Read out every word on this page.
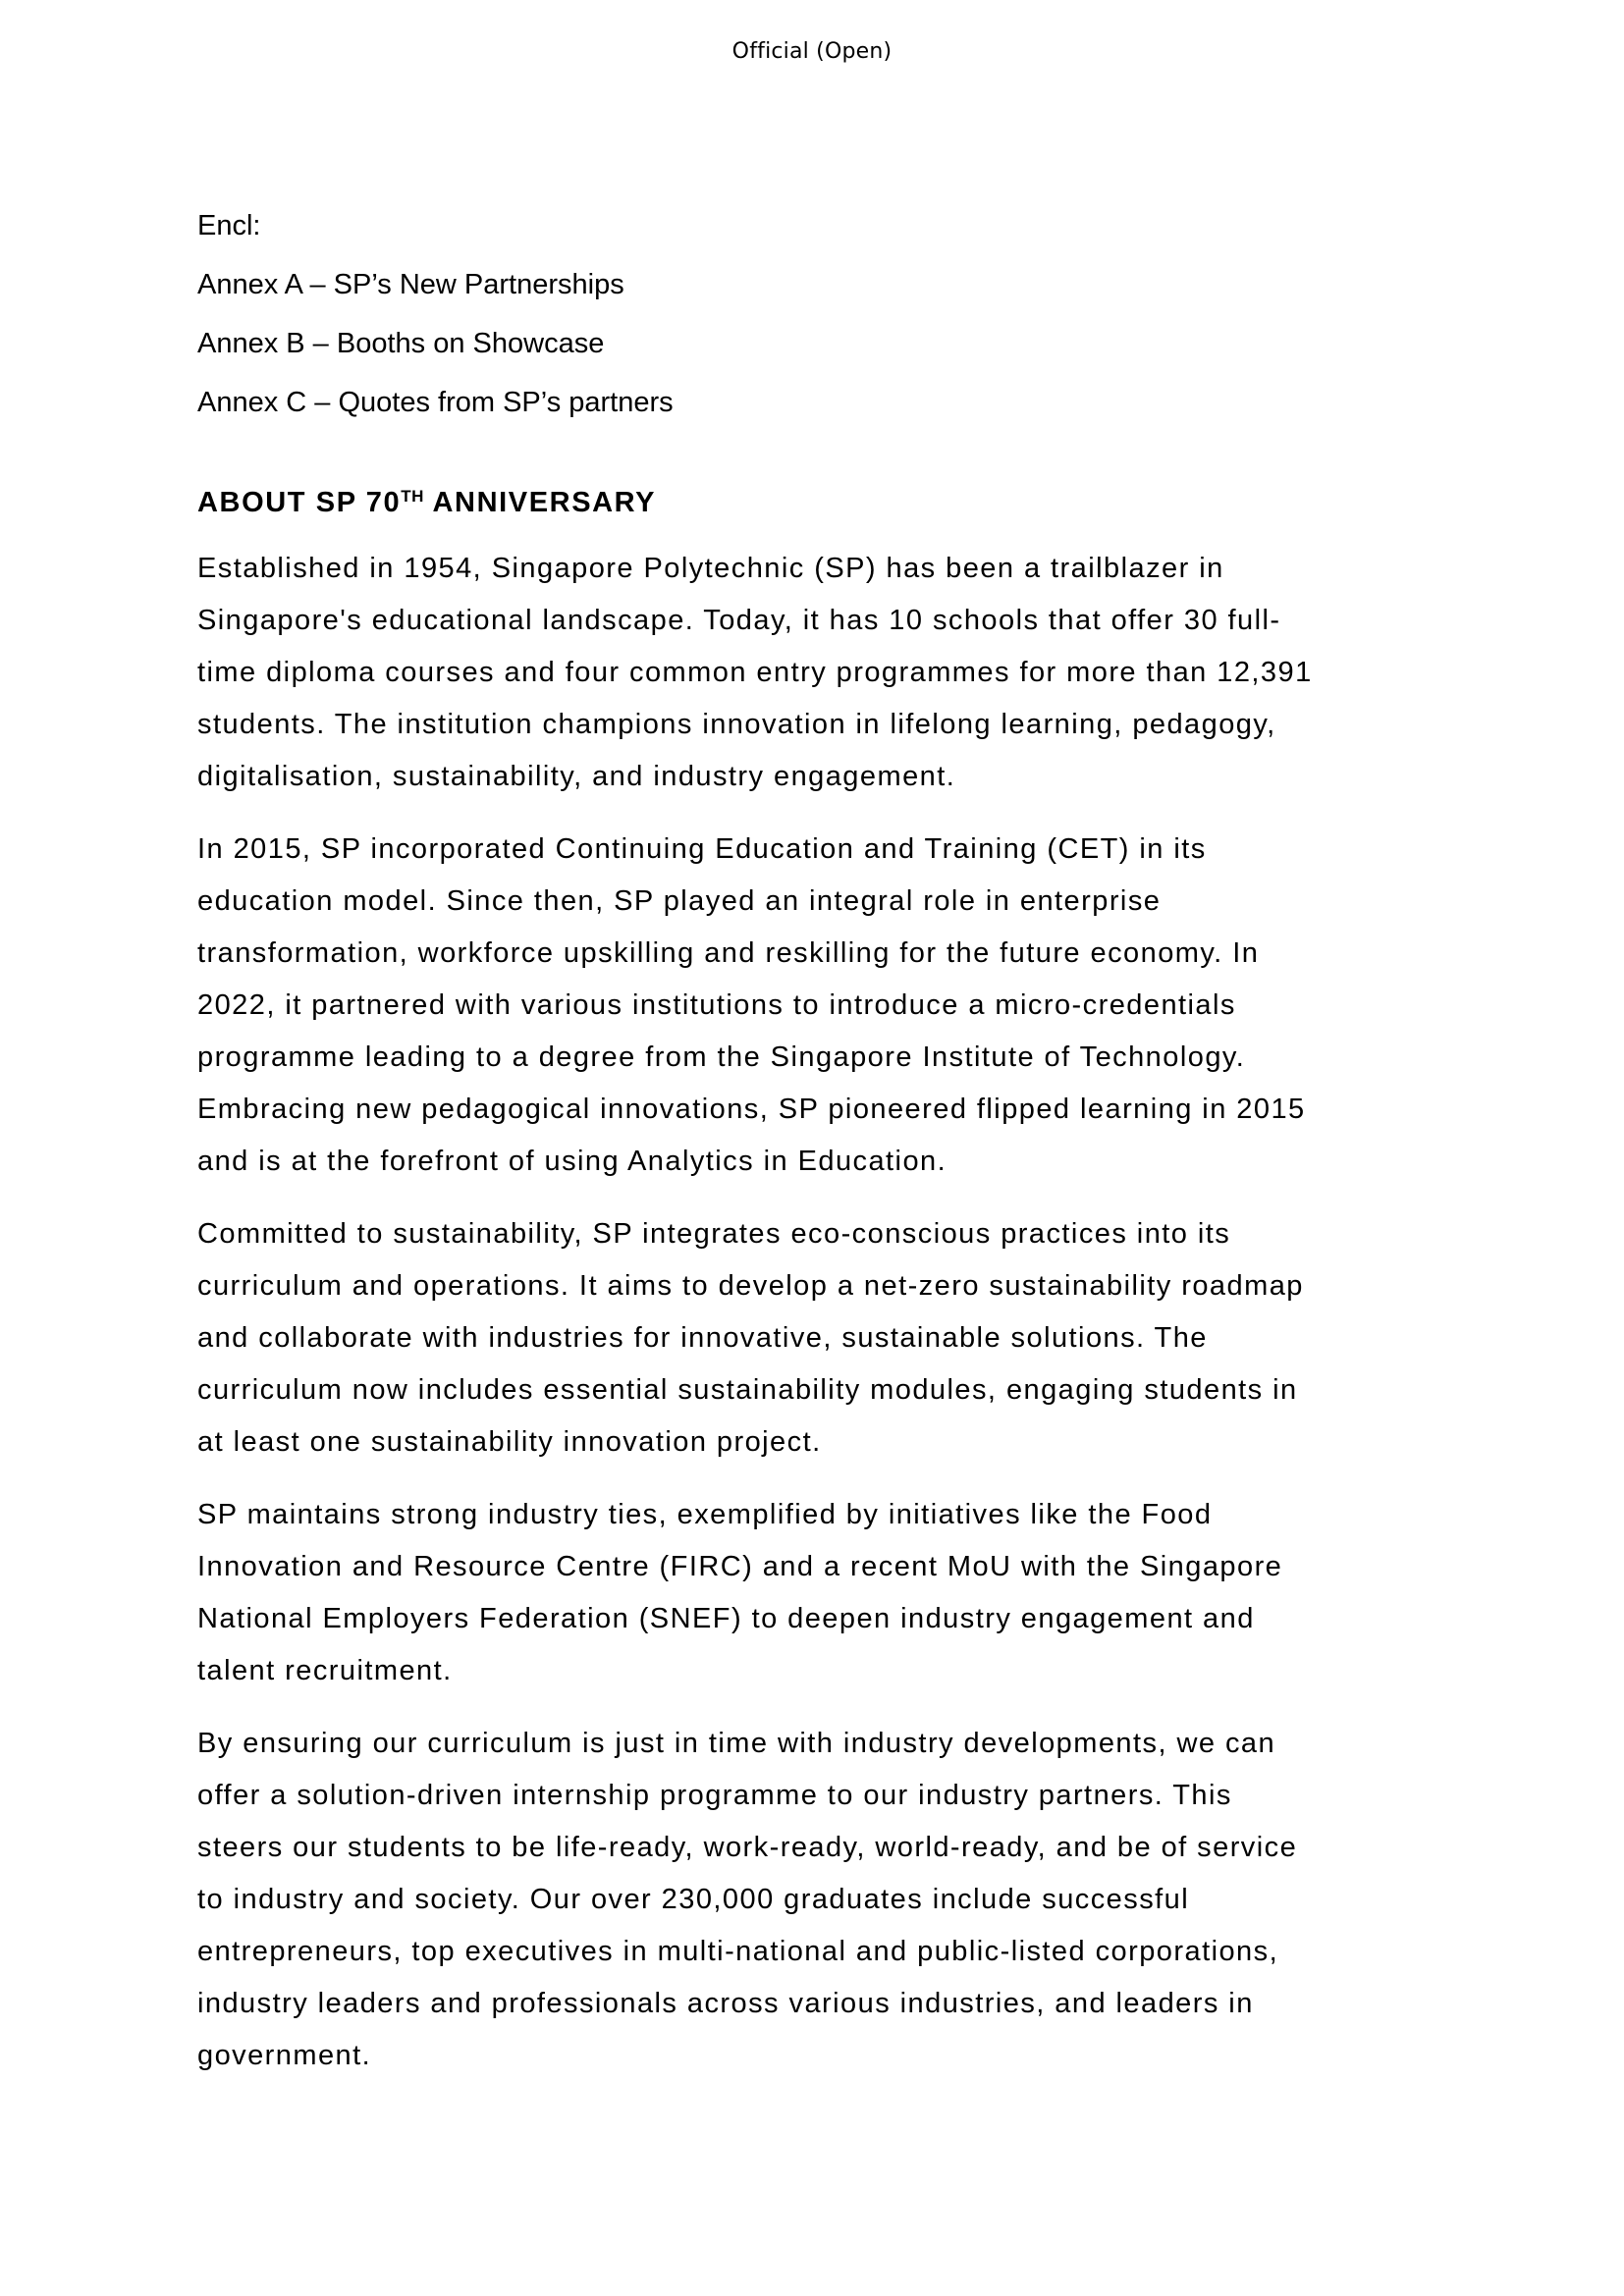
Official (Open)

Encl:

Annex A – SP’s New Partnerships

Annex B – Booths on Showcase

Annex C – Quotes from SP’s partners

ABOUT SP 70TH ANNIVERSARY

Established in 1954, Singapore Polytechnic (SP) has been a trailblazer in
Singapore's educational landscape. Today, it has 10 schools that offer 30 full-
time diploma courses and four common entry programmes for more than 12,391
students. The institution champions innovation in lifelong learning, pedagogy,
digitalisation, sustainability, and industry engagement.

In 2015, SP incorporated Continuing Education and Training (CET) in its
education model. Since then, SP played an integral role in enterprise
transformation, workforce upskilling and reskilling for the future economy. In
2022, it partnered with various institutions to introduce a micro-credentials
programme leading to a degree from the Singapore Institute of Technology.
Embracing new pedagogical innovations, SP pioneered flipped learning in 2015
and is at the forefront of using Analytics in Education.

Committed to sustainability, SP integrates eco-conscious practices into its
curriculum and operations. It aims to develop a net-zero sustainability roadmap
and collaborate with industries for innovative, sustainable solutions. The
curriculum now includes essential sustainability modules, engaging students in
at least one sustainability innovation project.

SP maintains strong industry ties, exemplified by initiatives like the Food
Innovation and Resource Centre (FIRC) and a recent MoU with the Singapore
National Employers Federation (SNEF) to deepen industry engagement and
talent recruitment.

By ensuring our curriculum is just in time with industry developments, we can
offer a solution-driven internship programme to our industry partners. This
steers our students to be life-ready, work-ready, world-ready, and be of service
to industry and society. Our over 230,000 graduates include successful
entrepreneurs, top executives in multi-national and public-listed corporations,
industry leaders and professionals across various industries, and leaders in
government.
